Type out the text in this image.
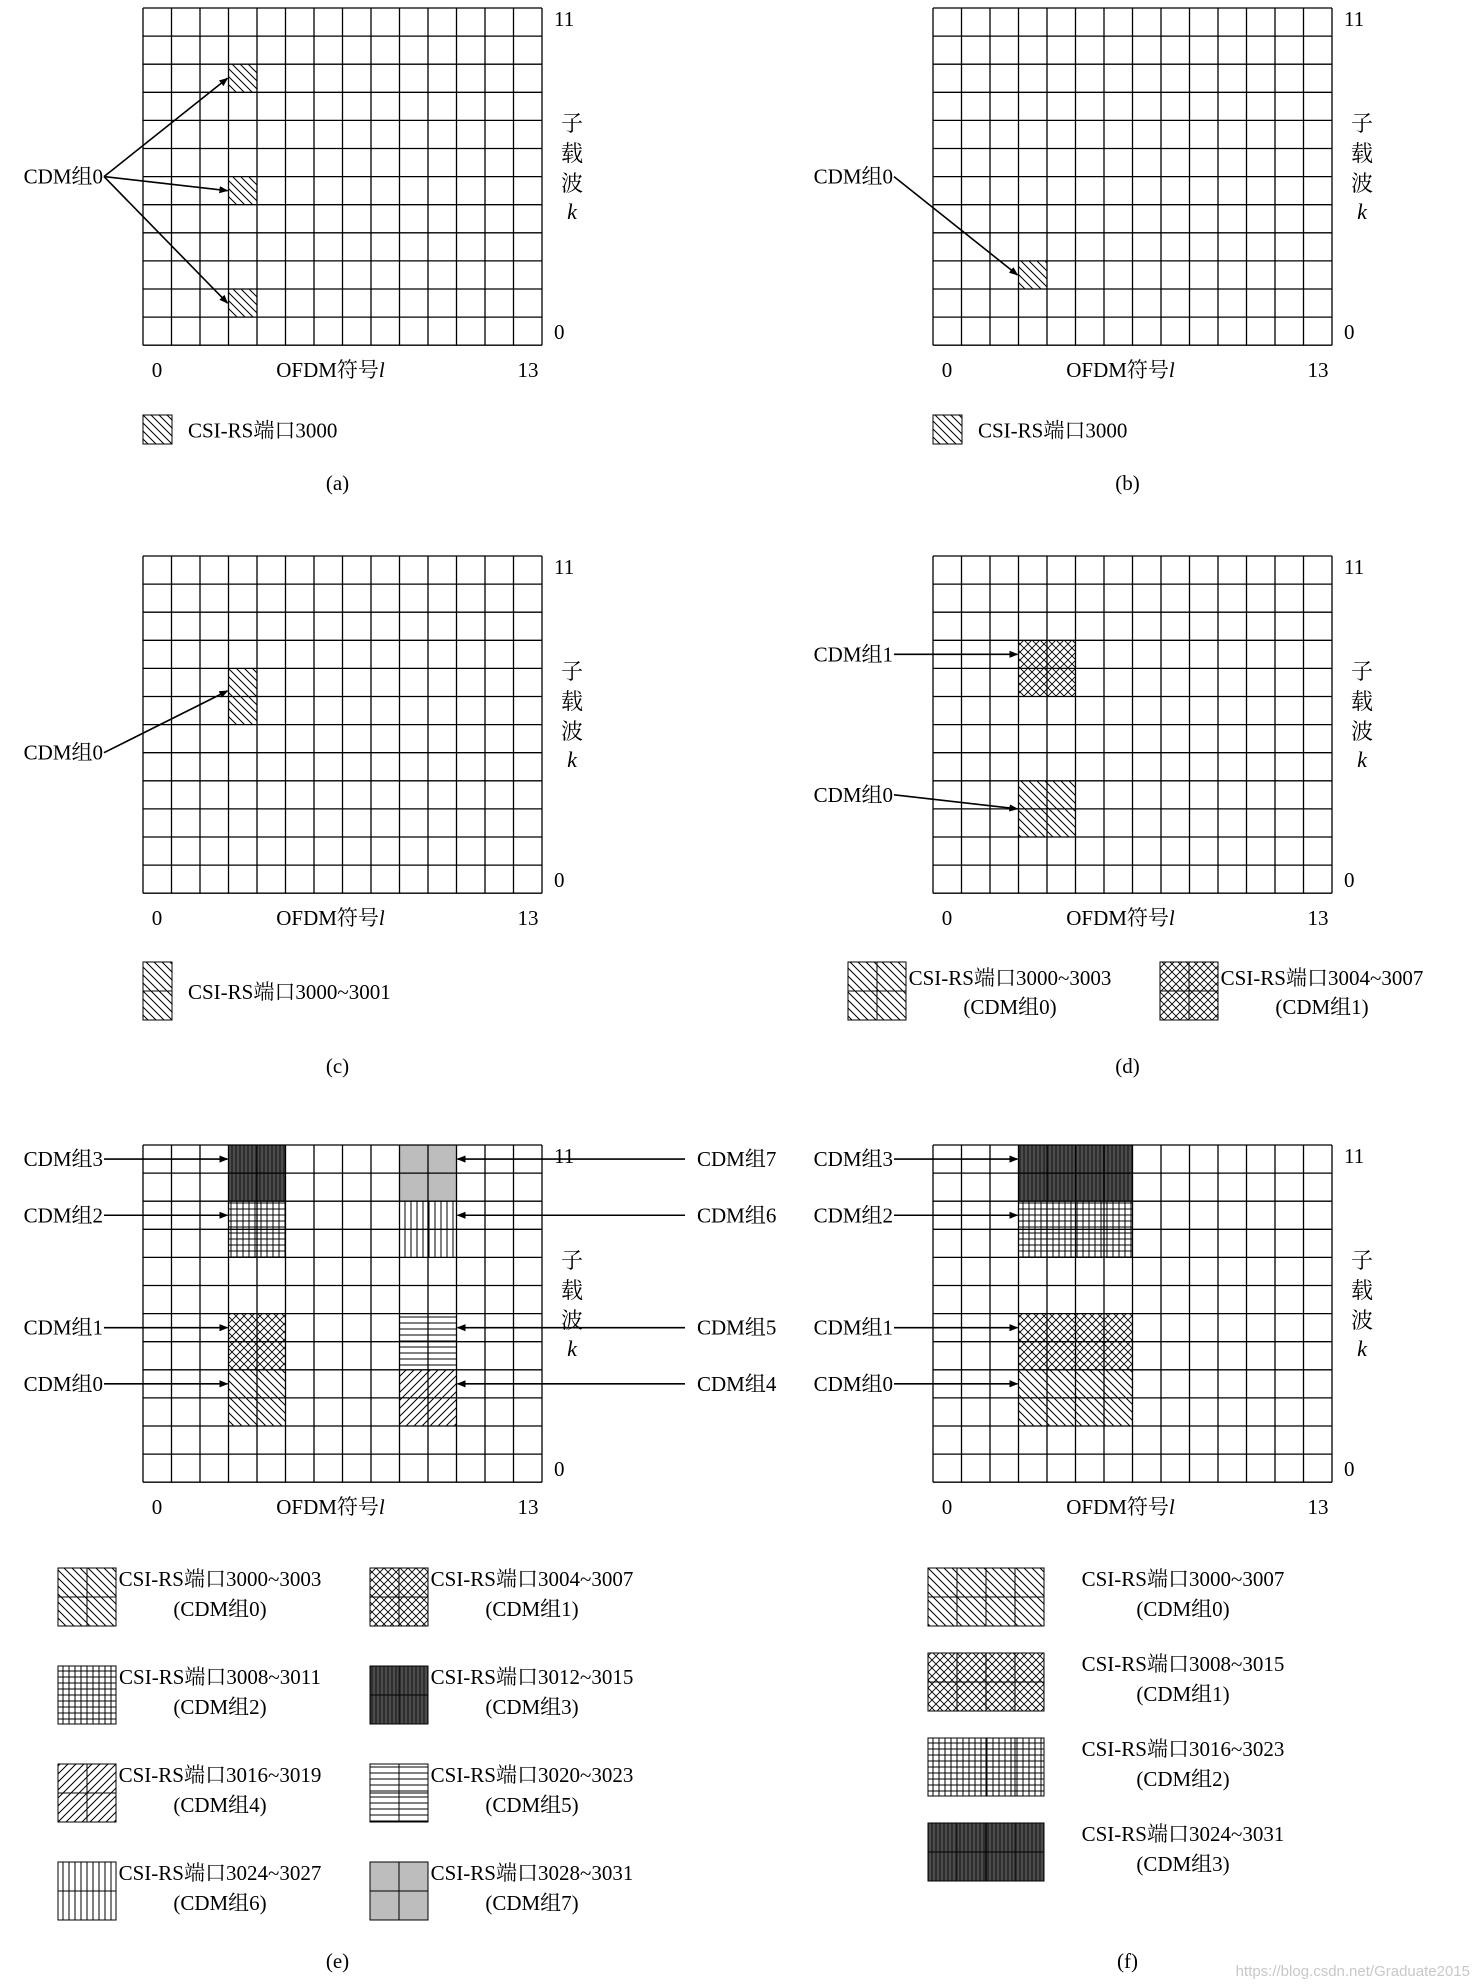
11
0
子
载
波
k
0	13
OFDM符号l
CDM组0
CSI-RS端口3000
(a)
11
0
子
载
波
k
0	13
OFDM符号l
CDM组0
CSI-RS端口3000
(b)
11
0
子
载
波
k
0	13
OFDM符号l
CDM组0
CSI-RS端口3000~3001
(c)
11
0
子
载
波
k
0	13
OFDM符号l
CDM组1
CDM组0
CSI-RS端口3000~3003
(CDM组0)
CSI-RS端口3004~3007
(CDM组1)
(d)
11
0
子
载
波
k
0	13
OFDM符号l
CDM组3
CDM组2
CDM组1
CDM组0
CDM组7
CDM组6
CDM组5
CDM组4
CSI-RS端口3000~3003
(CDM组0)
CSI-RS端口3004~3007
(CDM组1)
CSI-RS端口3008~3011
(CDM组2)
CSI-RS端口3012~3015
(CDM组3)
CSI-RS端口3016~3019
(CDM组4)
CSI-RS端口3020~3023
(CDM组5)
CSI-RS端口3024~3027
(CDM组6)
CSI-RS端口3028~3031
(CDM组7)
(e)
11
0
子
载
波
k
0	13
OFDM符号l
CDM组3
CDM组2
CDM组1
CDM组0
CSI-RS端口3000~3007
(CDM组0)
CSI-RS端口3008~3015
(CDM组1)
CSI-RS端口3016~3023
(CDM组2)
CSI-RS端口3024~3031
(CDM组3)
(f)	https://blog.csdn.net/Graduate2015
